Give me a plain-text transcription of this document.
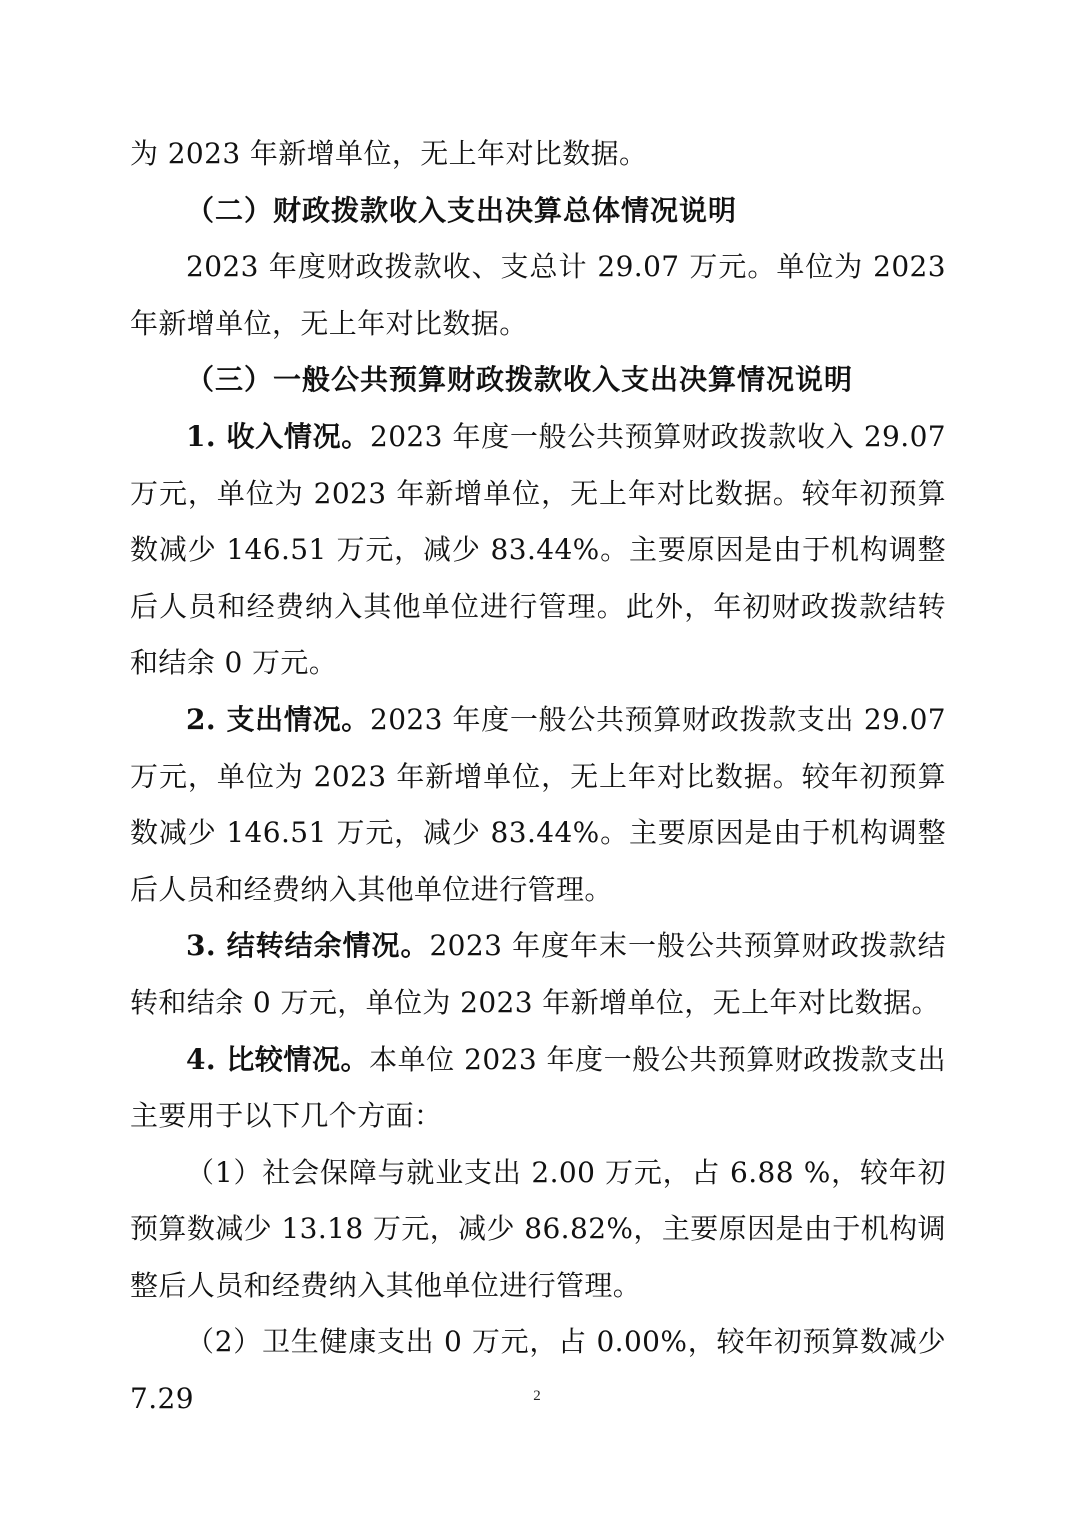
为 2023 年新增单位，无上年对比数据。

（二）财政拨款收入支出决算总体情况说明

2023 年度财政拨款收、支总计 29.07 万元。单位为 2023 年新增单位，无上年对比数据。

（三）一般公共预算财政拨款收入支出决算情况说明

1. 收入情况。2023 年度一般公共预算财政拨款收入 29.07 万元，单位为 2023 年新增单位，无上年对比数据。较年初预算数减少 146.51 万元，减少 83.44%。主要原因是由于机构调整后人员和经费纳入其他单位进行管理。此外，年初财政拨款结转和结余 0 万元。

2. 支出情况。2023 年度一般公共预算财政拨款支出 29.07 万元，单位为 2023 年新增单位，无上年对比数据。较年初预算数减少 146.51 万元，减少 83.44%。主要原因是由于机构调整后人员和经费纳入其他单位进行管理。

3. 结转结余情况。2023 年度年末一般公共预算财政拨款结转和结余 0 万元，单位为 2023 年新增单位，无上年对比数据。

4. 比较情况。本单位 2023 年度一般公共预算财政拨款支出主要用于以下几个方面：

（1）社会保障与就业支出 2.00 万元，占 6.88 %，较年初预算数减少 13.18 万元，减少 86.82%，主要原因是由于机构调整后人员和经费纳入其他单位进行管理。

（2）卫生健康支出 0 万元，占 0.00%，较年初预算数减少 7.29	2
